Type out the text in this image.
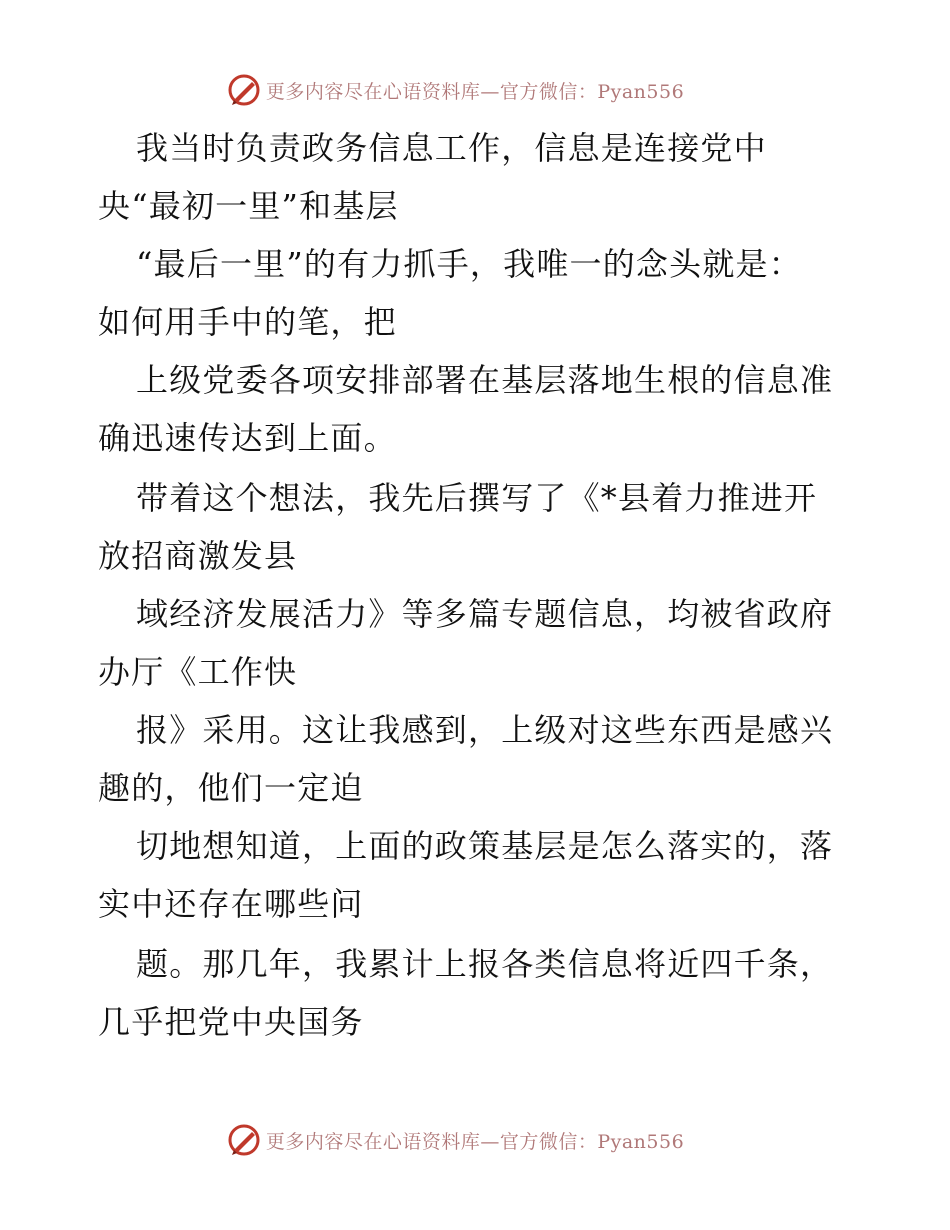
更多内容尽在心语资料库—官方微信：Pyan556
我当时负责政务信息工作，信息是连接党中
央“最初一里”和基层
“最后一里”的有力抓手，我唯一的念头就是：
如何用手中的笔，把
上级党委各项安排部署在基层落地生根的信息准
确迅速传达到上面。
带着这个想法，我先后撰写了《*县着力推进开
放招商激发县
域经济发展活力》等多篇专题信息，均被省政府
办厅《工作快
报》采用。这让我感到，上级对这些东西是感兴
趣的，他们一定迫
切地想知道，上面的政策基层是怎么落实的，落
实中还存在哪些问
题。那几年，我累计上报各类信息将近四千条，
几乎把党中央国务
更多内容尽在心语资料库—官方微信：Pyan556
